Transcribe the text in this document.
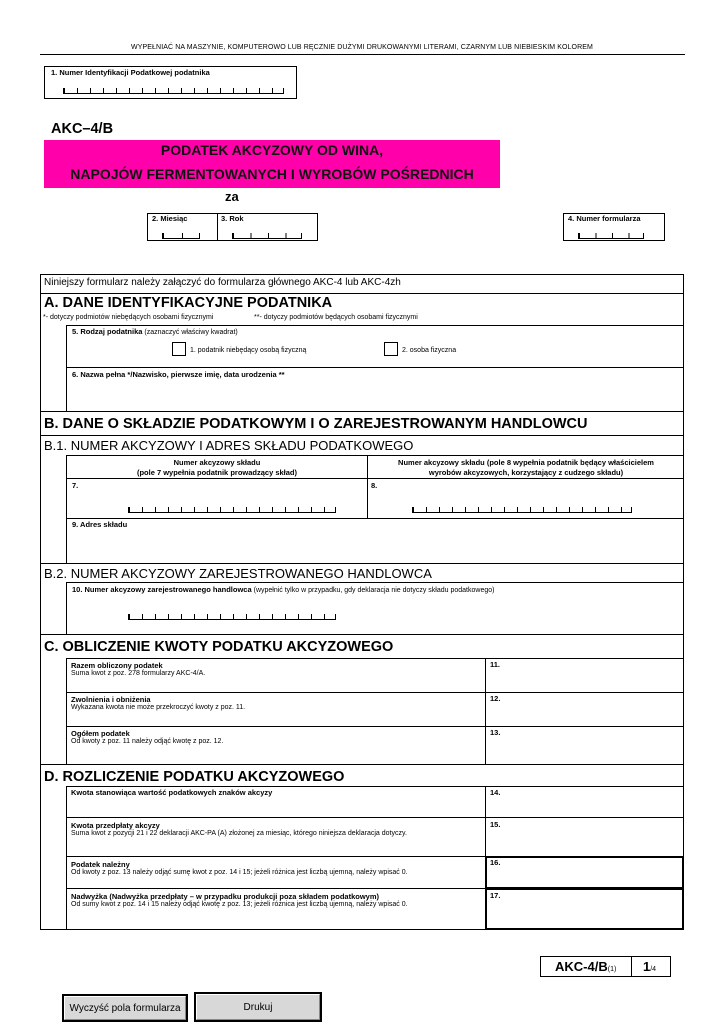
WYPEŁNIAĆ NA MASZYNIE, KOMPUTEROWO LUB RĘCZNIE DUŻYMI DRUKOWANYMI LITERAMI, CZARNYM LUB NIEBIESKIM KOLOREM
1. Numer Identyfikacji Podatkowej podatnika
AKC–4/B
PODATEK AKCYZOWY OD WINA,
NAPOJÓW FERMENTOWANYCH I WYROBÓW POŚREDNICH
za
2. Miesiąc	3. Rok	4. Numer formularza
Niniejszy formularz należy załączyć do formularza głównego AKC-4 lub AKC-4zh
A. DANE IDENTYFIKACYJNE PODATNIKA
*- dotyczy podmiotów niebędących osobami fizycznymi	**- dotyczy podmiotów będących osobami fizycznymi
5. Rodzaj podatnika (zaznaczyć właściwy kwadrat)
1. podatnik niebędący osobą fizyczną	2. osoba fizyczna
6. Nazwa pełna */Nazwisko, pierwsze imię, data urodzenia **
B. DANE O SKŁADZIE PODATKOWYM I O ZAREJESTROWANYM HANDLOWCU
B.1. NUMER AKCYZOWY I ADRES SKŁADU PODATKOWEGO
Numer akcyzowy składu
(pole 7 wypełnia podatnik prowadzący skład)
Numer akcyzowy składu (pole 8 wypełnia podatnik będący właścicielem
wyrobów akcyzowych, korzystający z cudzego składu)
7.	8.
9. Adres składu
B.2. NUMER AKCYZOWY ZAREJESTROWANEGO HANDLOWCA
10. Numer akcyzowy zarejestrowanego handlowca (wypełnić tylko w przypadku, gdy deklaracja nie dotyczy składu podatkowego)
C. OBLICZENIE KWOTY PODATKU AKCYZOWEGO
Razem obliczony podatek
Suma kwot z poz. 278 formularzy AKC-4/A.
11.
Zwolnienia i obniżenia
Wykazana kwota nie może przekroczyć kwoty z poz. 11.
12.
Ogółem podatek
Od kwoty z poz. 11 należy odjąć kwotę z poz. 12.
13.
D. ROZLICZENIE PODATKU AKCYZOWEGO
Kwota stanowiąca wartość podatkowych znaków akcyzy	14.
Kwota przedpłaty akcyzy
Suma kwot z pozycji 21 i 22 deklaracji AKC-PA (A) złożonej za miesiąc, którego niniejsza deklaracja dotyczy.
15.
Podatek należny
Od kwoty z poz. 13 należy odjąć sumę kwot z poz. 14 i 15; jeżeli różnica jest liczbą ujemną, należy wpisać 0.
16.
Nadwyżka (Nadwyżka przedpłaty – w przypadku produkcji poza składem podatkowym)
Od sumy kwot z poz. 14 i 15 należy odjąć kwotę z poz. 13; jeżeli różnica jest liczbą ujemną, należy wpisać 0.
17.
AKC-4/B(1) 1/4
Wyczyść pola formularza	Drukuj
